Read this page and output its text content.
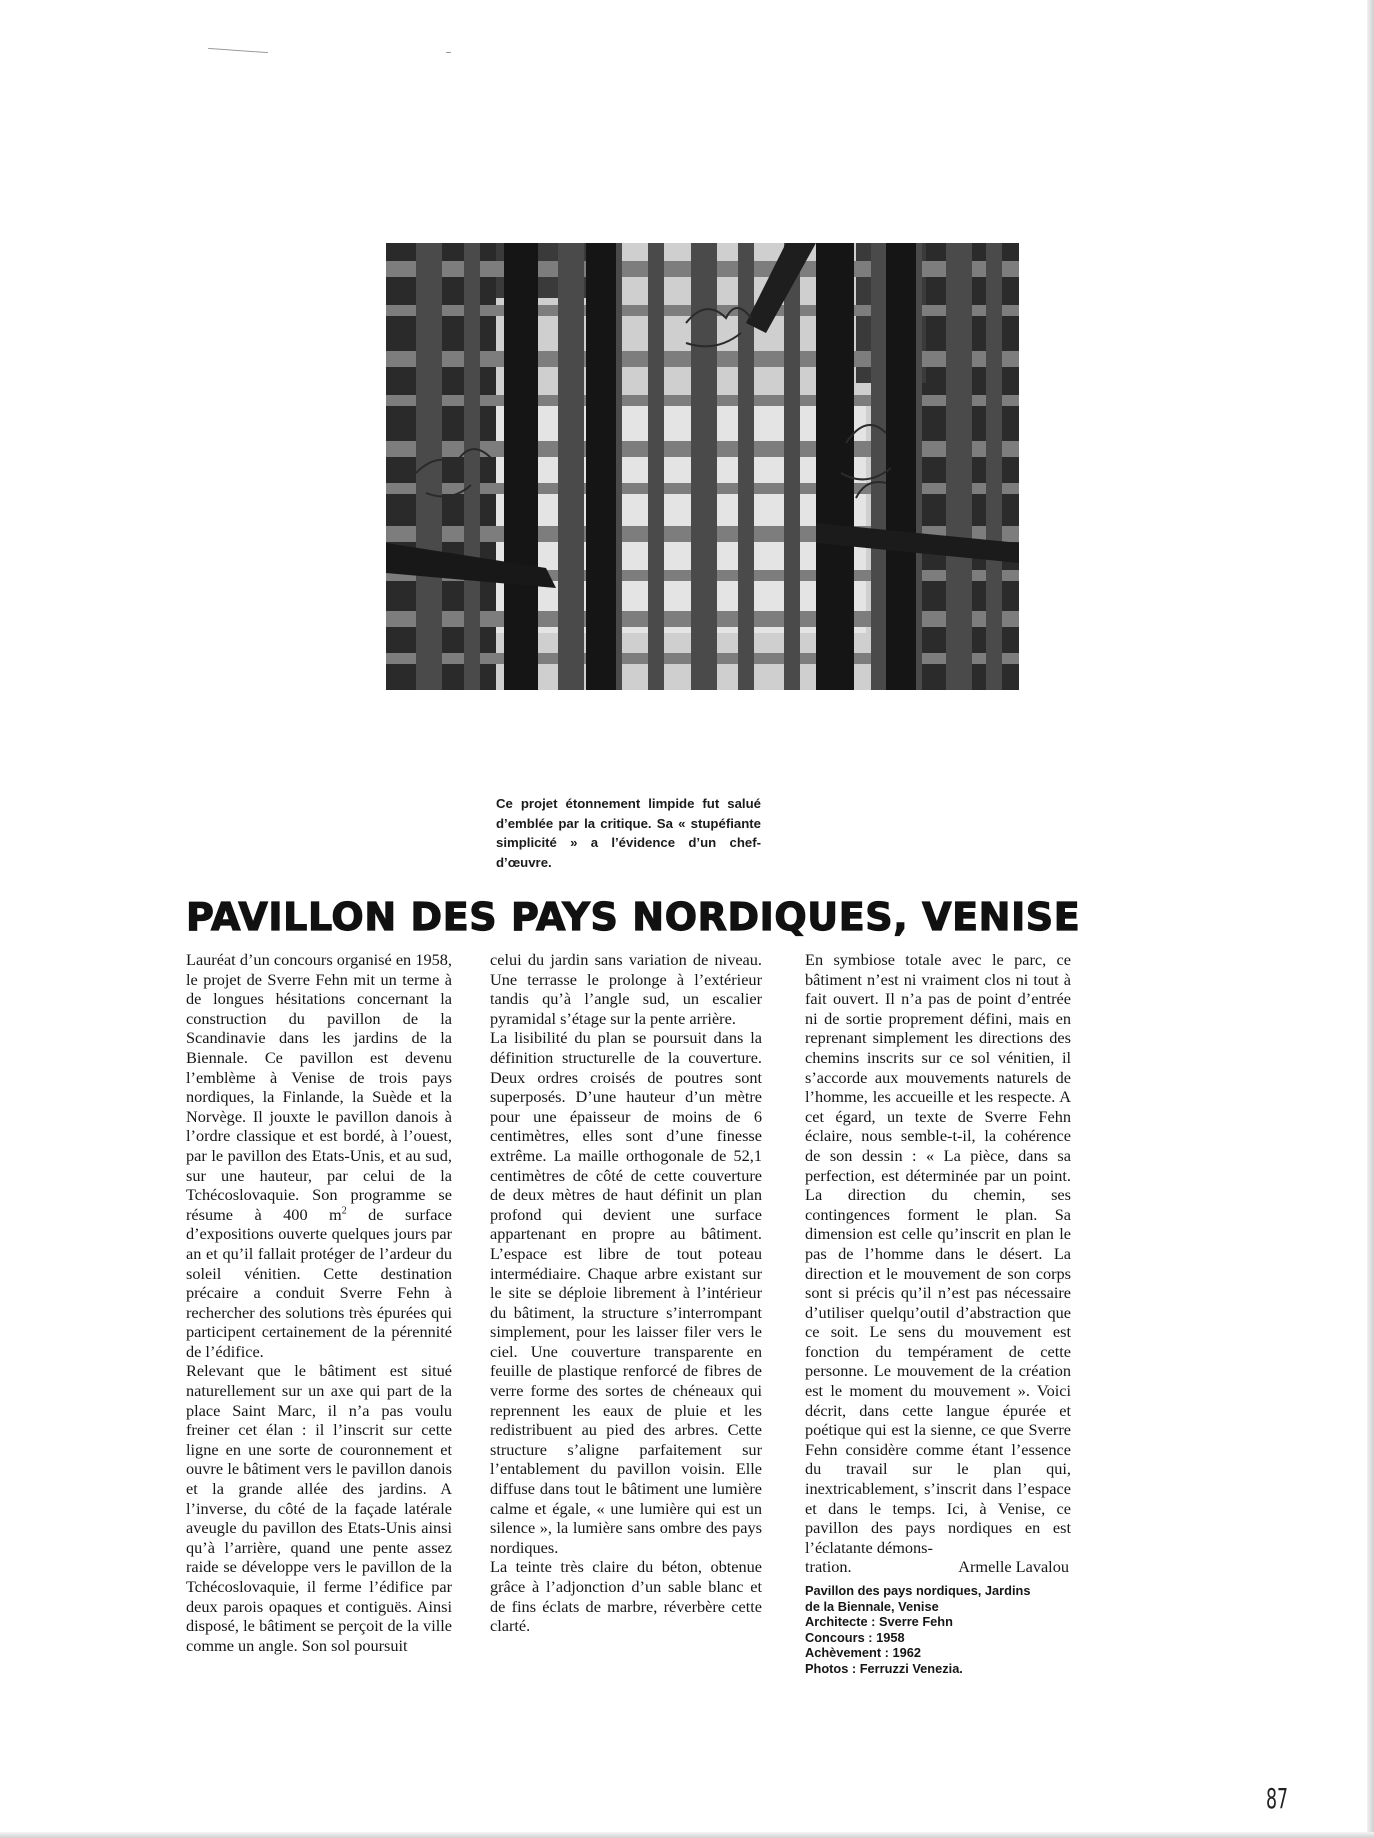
Ce projet étonnement limpide fut salué d’emblée par la critique. Sa « stupéfiante simplicité » a l’évidence d’un chef-d’œuvre.

PAVILLON DES PAYS NORDIQUES, VENISE

Lauréat d’un concours organisé en 1958, le projet de Sverre Fehn mit un terme à de longues hésitations concernant la construction du pavillon de la Scandinavie dans les jardins de la Biennale. Ce pavillon est devenu l’emblème à Venise de trois pays nordiques, la Finlande, la Suède et la Norvège. Il jouxte le pavillon danois à l’ordre classique et est bordé, à l’ouest, par le pavillon des Etats-Unis, et au sud, sur une hauteur, par celui de la Tchécoslovaquie. Son programme se résume à 400 $m^2$ de surface d’expositions ouverte quelques jours par an et qu’il fallait protéger de l’ardeur du soleil vénitien. Cette destination précaire a conduit Sverre Fehn à rechercher des solutions très épurées qui participent certainement de la pérennité de l’édifice.

Relevant que le bâtiment est situé naturellement sur un axe qui part de la place Saint Marc, il n’a pas voulu freiner cet élan : il l’inscrit sur cette ligne en une sorte de couronnement et ouvre le bâtiment vers le pavillon danois et la grande allée des jardins. A l’inverse, du côté de la façade latérale aveugle du pavillon des Etats-Unis ainsi qu’à l’arrière, quand une pente assez raide se développe vers le pavillon de la Tchécoslovaquie, il ferme l’édifice par deux parois opaques et contiguës. Ainsi disposé, le bâtiment se perçoit de la ville comme un angle. Son sol poursuit

celui du jardin sans variation de niveau. Une terrasse le prolonge à l’extérieur tandis qu’à l’angle sud, un escalier pyramidal s’étage sur la pente arrière.

La lisibilité du plan se poursuit dans la définition structurelle de la couverture. Deux ordres croisés de poutres sont superposés. D’une hauteur d’un mètre pour une épaisseur de moins de 6 centimètres, elles sont d’une finesse extrême. La maille orthogonale de 52,1 centimètres de côté de cette couverture de deux mètres de haut définit un plan profond qui devient une surface appartenant en propre au bâtiment. L’espace est libre de tout poteau intermédiaire. Chaque arbre existant sur le site se déploie librement à l’intérieur du bâtiment, la structure s’interrompant simplement, pour les laisser filer vers le ciel. Une couverture transparente en feuille de plastique renforcé de fibres de verre forme des sortes de chéneaux qui reprennent les eaux de pluie et les redistribuent au pied des arbres. Cette structure s’aligne parfaitement sur l’entablement du pavillon voisin. Elle diffuse dans tout le bâtiment une lumière calme et égale, « une lumière qui est un silence », la lumière sans ombre des pays nordiques.

La teinte très claire du béton, obtenue grâce à l’adjonction d’un sable blanc et de fins éclats de marbre, réverbère cette clarté.

En symbiose totale avec le parc, ce bâtiment n’est ni vraiment clos ni tout à fait ouvert. Il n’a pas de point d’entrée ni de sortie proprement défini, mais en reprenant simplement les directions des chemins inscrits sur ce sol vénitien, il s’accorde aux mouvements naturels de l’homme, les accueille et les respecte. A cet égard, un texte de Sverre Fehn éclaire, nous semble-t-il, la cohérence de son dessin : « La pièce, dans sa perfection, est déterminée par un point. La direction du chemin, ses contingences forment le plan. Sa dimension est celle qu’inscrit en plan le pas de l’homme dans le désert. La direction et le mouvement de son corps sont si précis qu’il n’est pas nécessaire d’utiliser quelqu’outil d’abstraction que ce soit. Le sens du mouvement est fonction du tempérament de cette personne. Le mouvement de la création est le moment du mouvement ». Voici décrit, dans cette langue épurée et poétique qui est la sienne, ce que Sverre Fehn considère comme étant l’essence du travail sur le plan qui, inextricablement, s’inscrit dans l’espace et dans le temps. Ici, à Venise, ce pavillon des pays nordiques en est l’éclatante démons-

tration.	Armelle Lavalou

Pavillon des pays nordiques, Jardins
de la Biennale, Venise
Architecte : Sverre Fehn
Concours : 1958
Achèvement : 1962
Photos : Ferruzzi Venezia.

87
